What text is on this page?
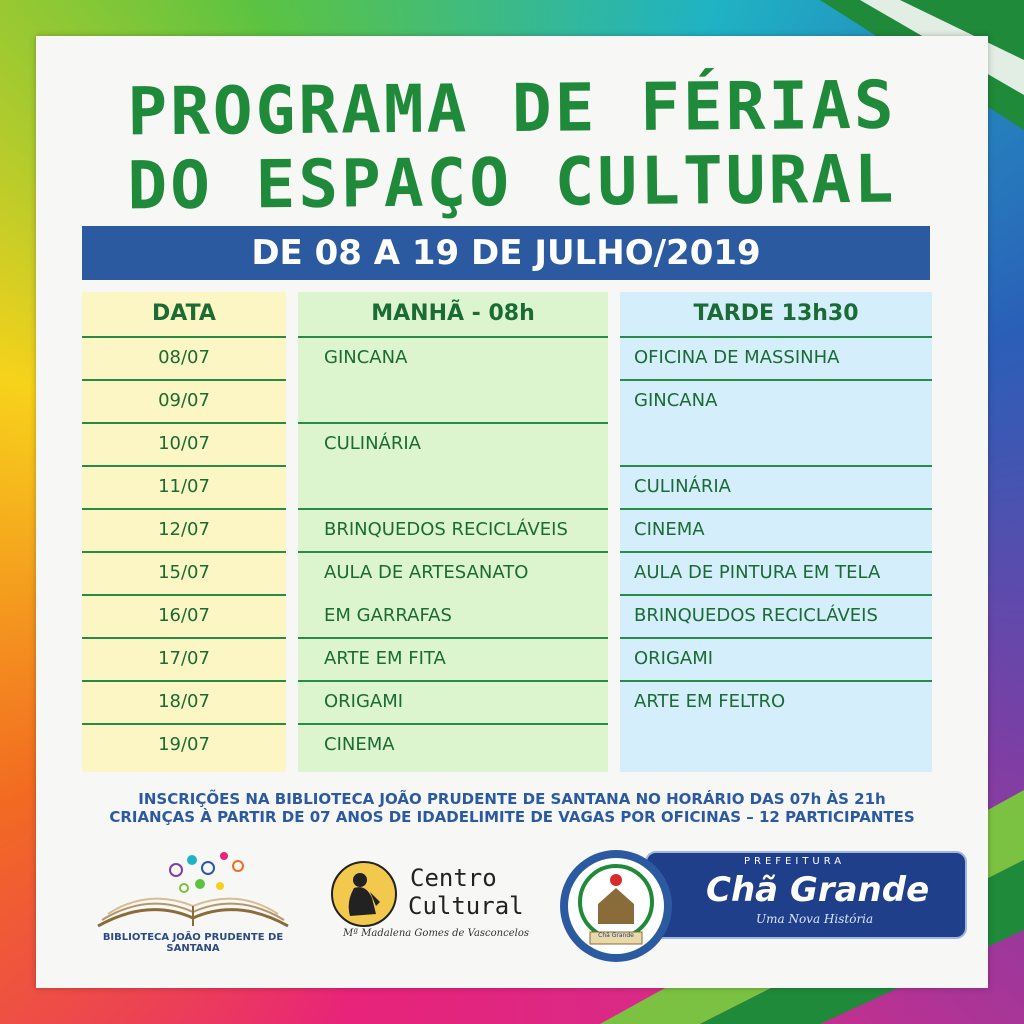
PROGRAMA DE FÉRIAS
DO ESPAÇO CULTURAL
DE 08 A 19 DE JULHO/2019
DATA
08/07
09/07
10/07
11/07
12/07
15/07
16/07
17/07
18/07
19/07
MANHÃ - 08h
GINCANA
CULINÁRIA
BRINQUEDOS RECICLÁVEIS
AULA DE ARTESANATO
EM GARRAFAS
ARTE EM FITA
ORIGAMI
CINEMA
TARDE 13h30
OFICINA DE MASSINHA
GINCANA
CULINÁRIA
CINEMA
AULA DE PINTURA EM TELA
BRINQUEDOS RECICLÁVEIS
ORIGAMI
ARTE EM FELTRO
INSCRIÇÕES NA BIBLIOTECA JOÃO PRUDENTE DE SANTANA NO HORÁRIO DAS 07h ÀS 21h
CRIANÇAS À PARTIR DE 07 ANOS DE IDADELIMITE DE VAGAS POR OFICINAS – 12 PARTICIPANTES
BIBLIOTECA JOÃO PRUDENTE DE SANTANA
Centro
Cultural
Mª Madalena Gomes de Vasconcelos
PREFEITURA
Chã Grande
Uma Nova História
Chã Grande
